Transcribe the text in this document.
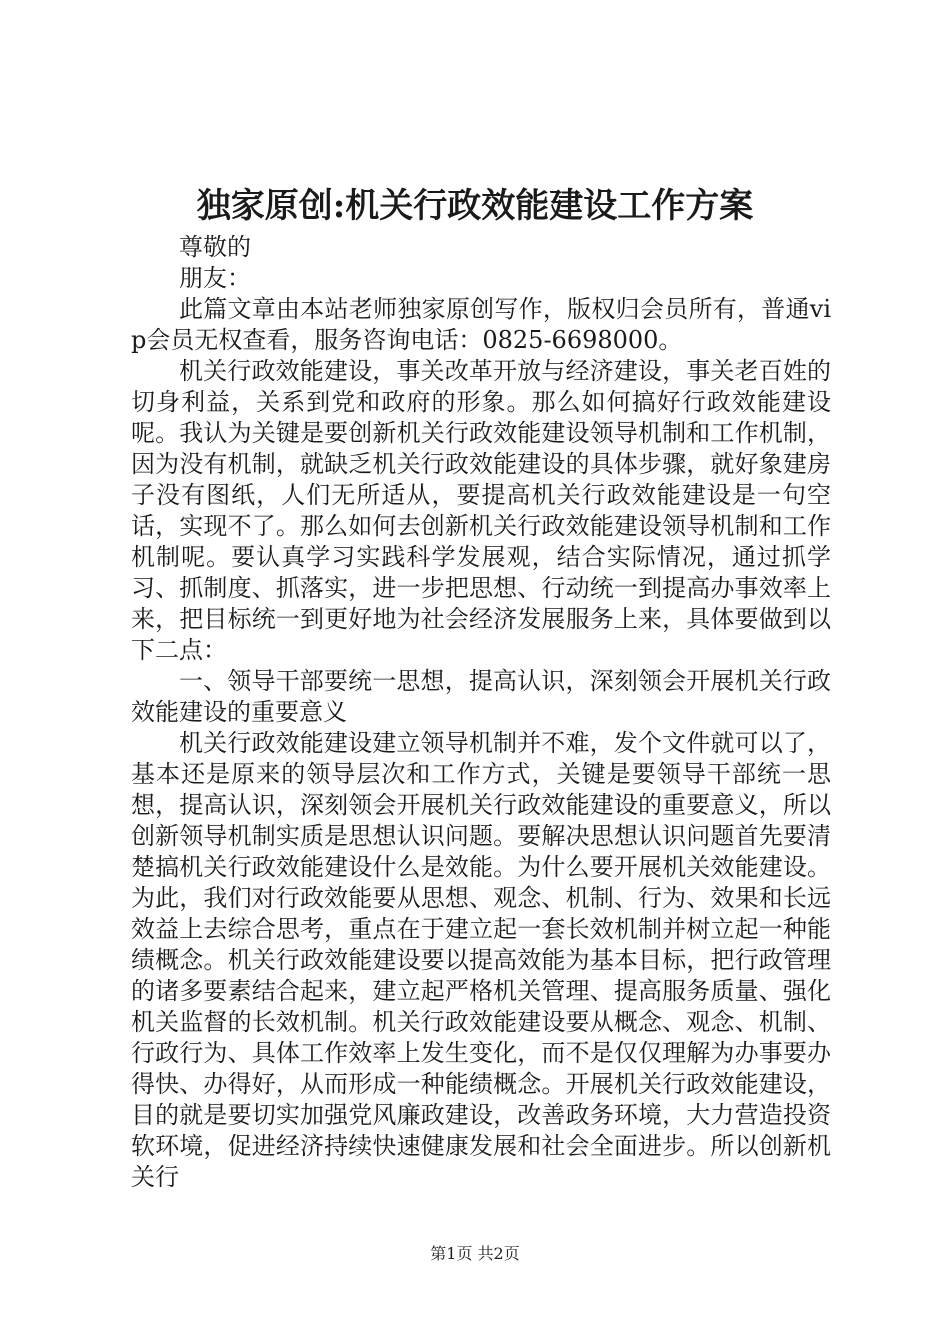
独家原创:机关行政效能建设工作方案

尊敬的

朋友：

此篇文章由本站老师独家原创写作，版权归会员所有，普通vip会员无权查看，服务咨询电话：0825-6698000。

机关行政效能建设，事关改革开放与经济建设，事关老百姓的切身利益，关系到党和政府的形象。那么如何搞好行政效能建设呢。我认为关键是要创新机关行政效能建设领导机制和工作机制，因为没有机制，就缺乏机关行政效能建设的具体步骤，就好象建房子没有图纸，人们无所适从，要提高机关行政效能建设是一句空话，实现不了。那么如何去创新机关行政效能建设领导机制和工作机制呢。要认真学习实践科学发展观，结合实际情况，通过抓学习、抓制度、抓落实，进一步把思想、行动统一到提高办事效率上来，把目标统一到更好地为社会经济发展服务上来，具体要做到以下二点：

一、领导干部要统一思想，提高认识，深刻领会开展机关行政效能建设的重要意义

机关行政效能建设建立领导机制并不难，发个文件就可以了，基本还是原来的领导层次和工作方式，关键是要领导干部统一思想，提高认识，深刻领会开展机关行政效能建设的重要意义，所以创新领导机制实质是思想认识问题。要解决思想认识问题首先要清楚搞机关行政效能建设什么是效能。为什么要开展机关效能建设。为此，我们对行政效能要从思想、观念、机制、行为、效果和长远效益上去综合思考，重点在于建立起一套长效机制并树立起一种能绩概念。机关行政效能建设要以提高效能为基本目标，把行政管理的诸多要素结合起来，建立起严格机关管理、提高服务质量、强化机关监督的长效机制。机关行政效能建设要从概念、观念、机制、行政行为、具体工作效率上发生变化，而不是仅仅理解为办事要办得快、办得好，从而形成一种能绩概念。开展机关行政效能建设，目的就是要切实加强党风廉政建设，改善政务环境，大力营造投资软环境，促进经济持续快速健康发展和社会全面进步。所以创新机关行

第1页 共2页
